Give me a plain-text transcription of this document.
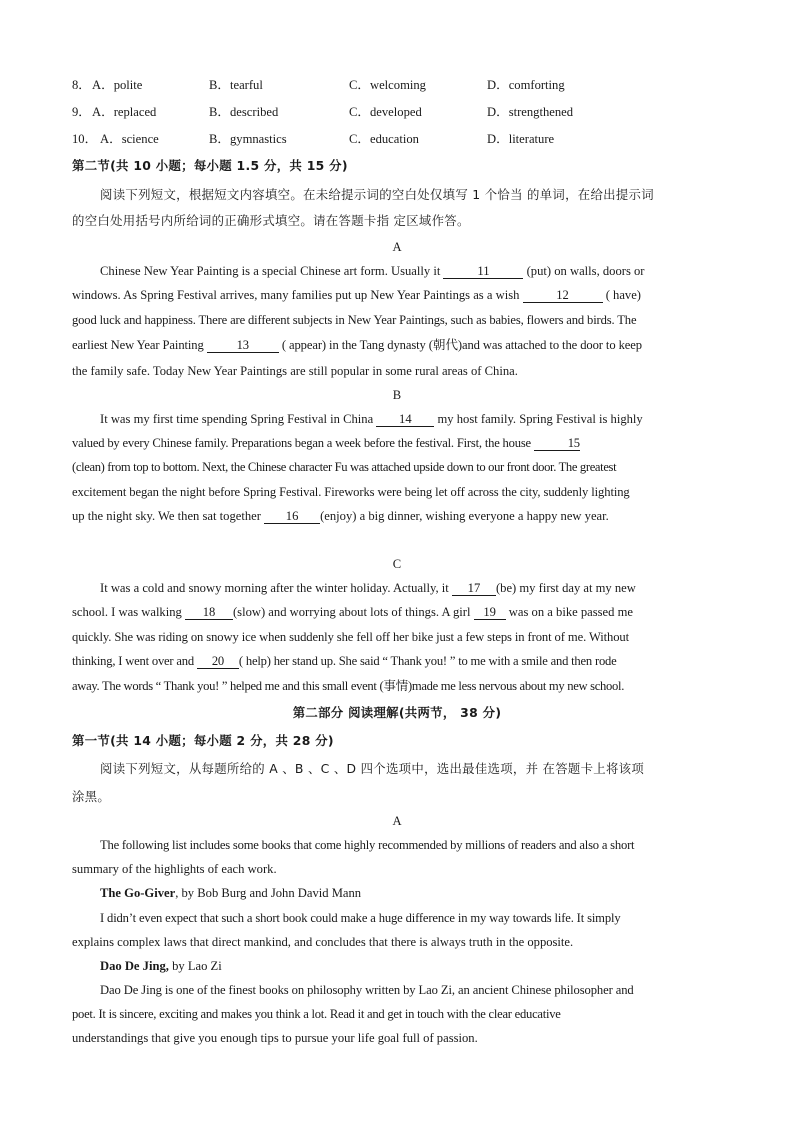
8． A．polite	B．tearful	C．welcoming	D．comforting
9． A．replaced	B．described	C．developed	D．strengthened
10． A．science	B．gymnastics	C．education	D．literature
第二节(共 10 小题；每小题 1.5 分，共 15 分)
阅读下列短文，根据短文内容填空。在未给提示词的空白处仅填写 1 个恰当 的单词，在给出提示词
的空白处用括号内所给词的正确形式填空。请在答题卡指 定区域作答。
A
Chinese New Year Painting is a special Chinese art form. Usually it	11	(put) on walls, doors or
windows. As Spring Festival arrives, many families put up New Year Paintings as a wish	12	( have)
good luck and happiness. There are different subjects in New Year Paintings, such as babies, flowers and birds. The
earliest New Year Painting 13 ( appear) in the Tang dynasty (朝代)and was attached to the door to keep
the family safe. Today New Year Paintings are still popular in some rural areas of China.
B
It was my first time spending Spring Festival in China 14 my host family. Spring Festival is highly
valued by every Chinese family. Preparations began a week before the festival. First, the house	15
(clean) from top to bottom. Next, the Chinese character Fu was attached upside down to our front door. The greatest
excitement began the night before Spring Festival. Fireworks were being let off across the city, suddenly lighting
up the night sky. We then sat together 16 (enjoy) a big dinner, wishing everyone a happy new year.
C
It was a cold and snowy morning after the winter holiday. Actually, it 17 (be) my first day at my new
school. I was walking 18 (slow) and worrying about lots of things. A girl 19 was on a bike passed me
quickly. She was riding on snowy ice when suddenly she fell off her bike just a few steps in front of me. Without
thinking, I went over and 20 ( help) her stand up. She said “ Thank you! ” to me with a smile and then rode
away. The words “ Thank you! ” helped me and this small event (事情)made me less nervous about my new school.
第二部分 阅读理解(共两节， 38 分)
第一节(共 14 小题；每小题 2 分，共 28 分)
阅读下列短文，从每题所给的 A 、B 、C 、D 四个选项中，选出最佳选项，并 在答题卡上将该项
涂黑。
A
The following list includes some books that come highly recommended by millions of readers and also a short
summary of the highlights of each work.
The Go-Giver, by Bob Burg and John David Mann
I didn’t even expect that such a short book could make a huge difference in my way towards life. It simply
explains complex laws that direct mankind, and concludes that there is always truth in the opposite.
Dao De Jing, by Lao Zi
Dao De Jing is one of the finest books on philosophy written by Lao Zi, an ancient Chinese philosopher and
poet. It is sincere, exciting and makes you think a lot. Read it and get in touch with the clear educative
understandings that give you enough tips to pursue your life goal full of passion.
